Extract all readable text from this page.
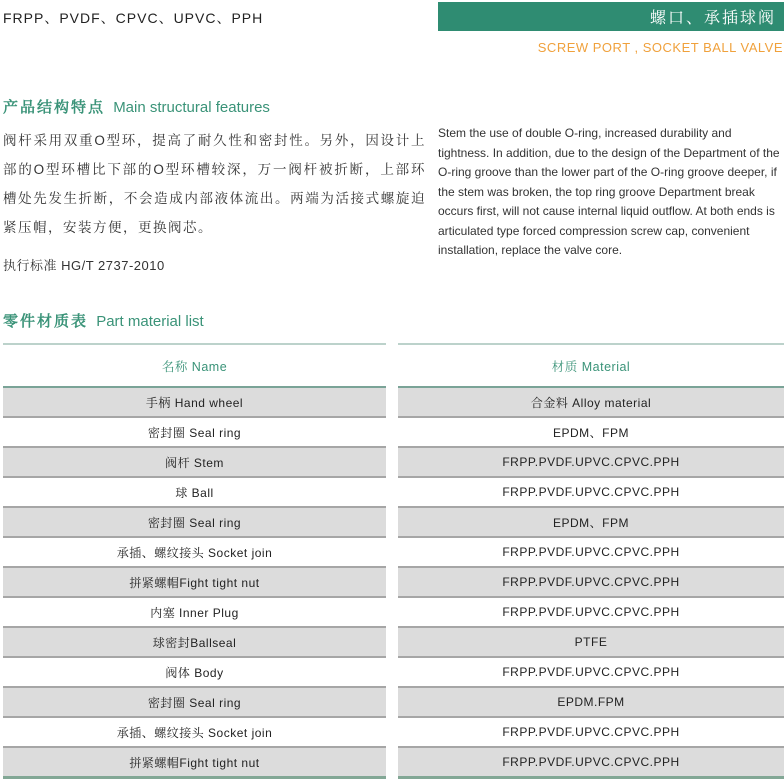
FRPP、PVDF、CPVC、UPVC、PPH	螺口、承插球阀
SCREW PORT , SOCKET BALL VALVE
产品结构特点 Main structural features
阀杆采用双重O型环，提高了耐久性和密封性。另外，因设计上部的O型环槽比下部的O型环槽较深，万一阀杆被折断，上部环槽处先发生折断，不会造成内部液体流出。两端为活接式螺旋迫紧压帽，安装方便，更换阀芯。
执行标准 HG/T 2737-2010
Stem the use of double O-ring, increased durability and tightness. In addition, due to the design of the Department of the O-ring groove than the lower part of the O-ring groove deeper, if the stem was broken, the top ring groove Department break occurs first, will not cause internal liquid outflow. At both ends is articulated type forced compression screw cap, convenient installation, replace the valve core.
零件材质表 Part material list
名称 Name
手柄 Hand wheel
密封圈 Seal ring
阀杆 Stem
球 Ball
密封圈 Seal ring
承插、螺纹接头 Socket join
拼紧螺帽Fight tight nut
内塞 Inner Plug
球密封Ballseal
阀体 Body
密封圈 Seal ring
承插、螺纹接头 Socket join
拼紧螺帽Fight tight nut
材质 Material
合金料 Alloy material
EPDM、FPM
FRPP.PVDF.UPVC.CPVC.PPH
FRPP.PVDF.UPVC.CPVC.PPH
EPDM、FPM
FRPP.PVDF.UPVC.CPVC.PPH
FRPP.PVDF.UPVC.CPVC.PPH
FRPP.PVDF.UPVC.CPVC.PPH
PTFE
FRPP.PVDF.UPVC.CPVC.PPH
EPDM.FPM
FRPP.PVDF.UPVC.CPVC.PPH
FRPP.PVDF.UPVC.CPVC.PPH
